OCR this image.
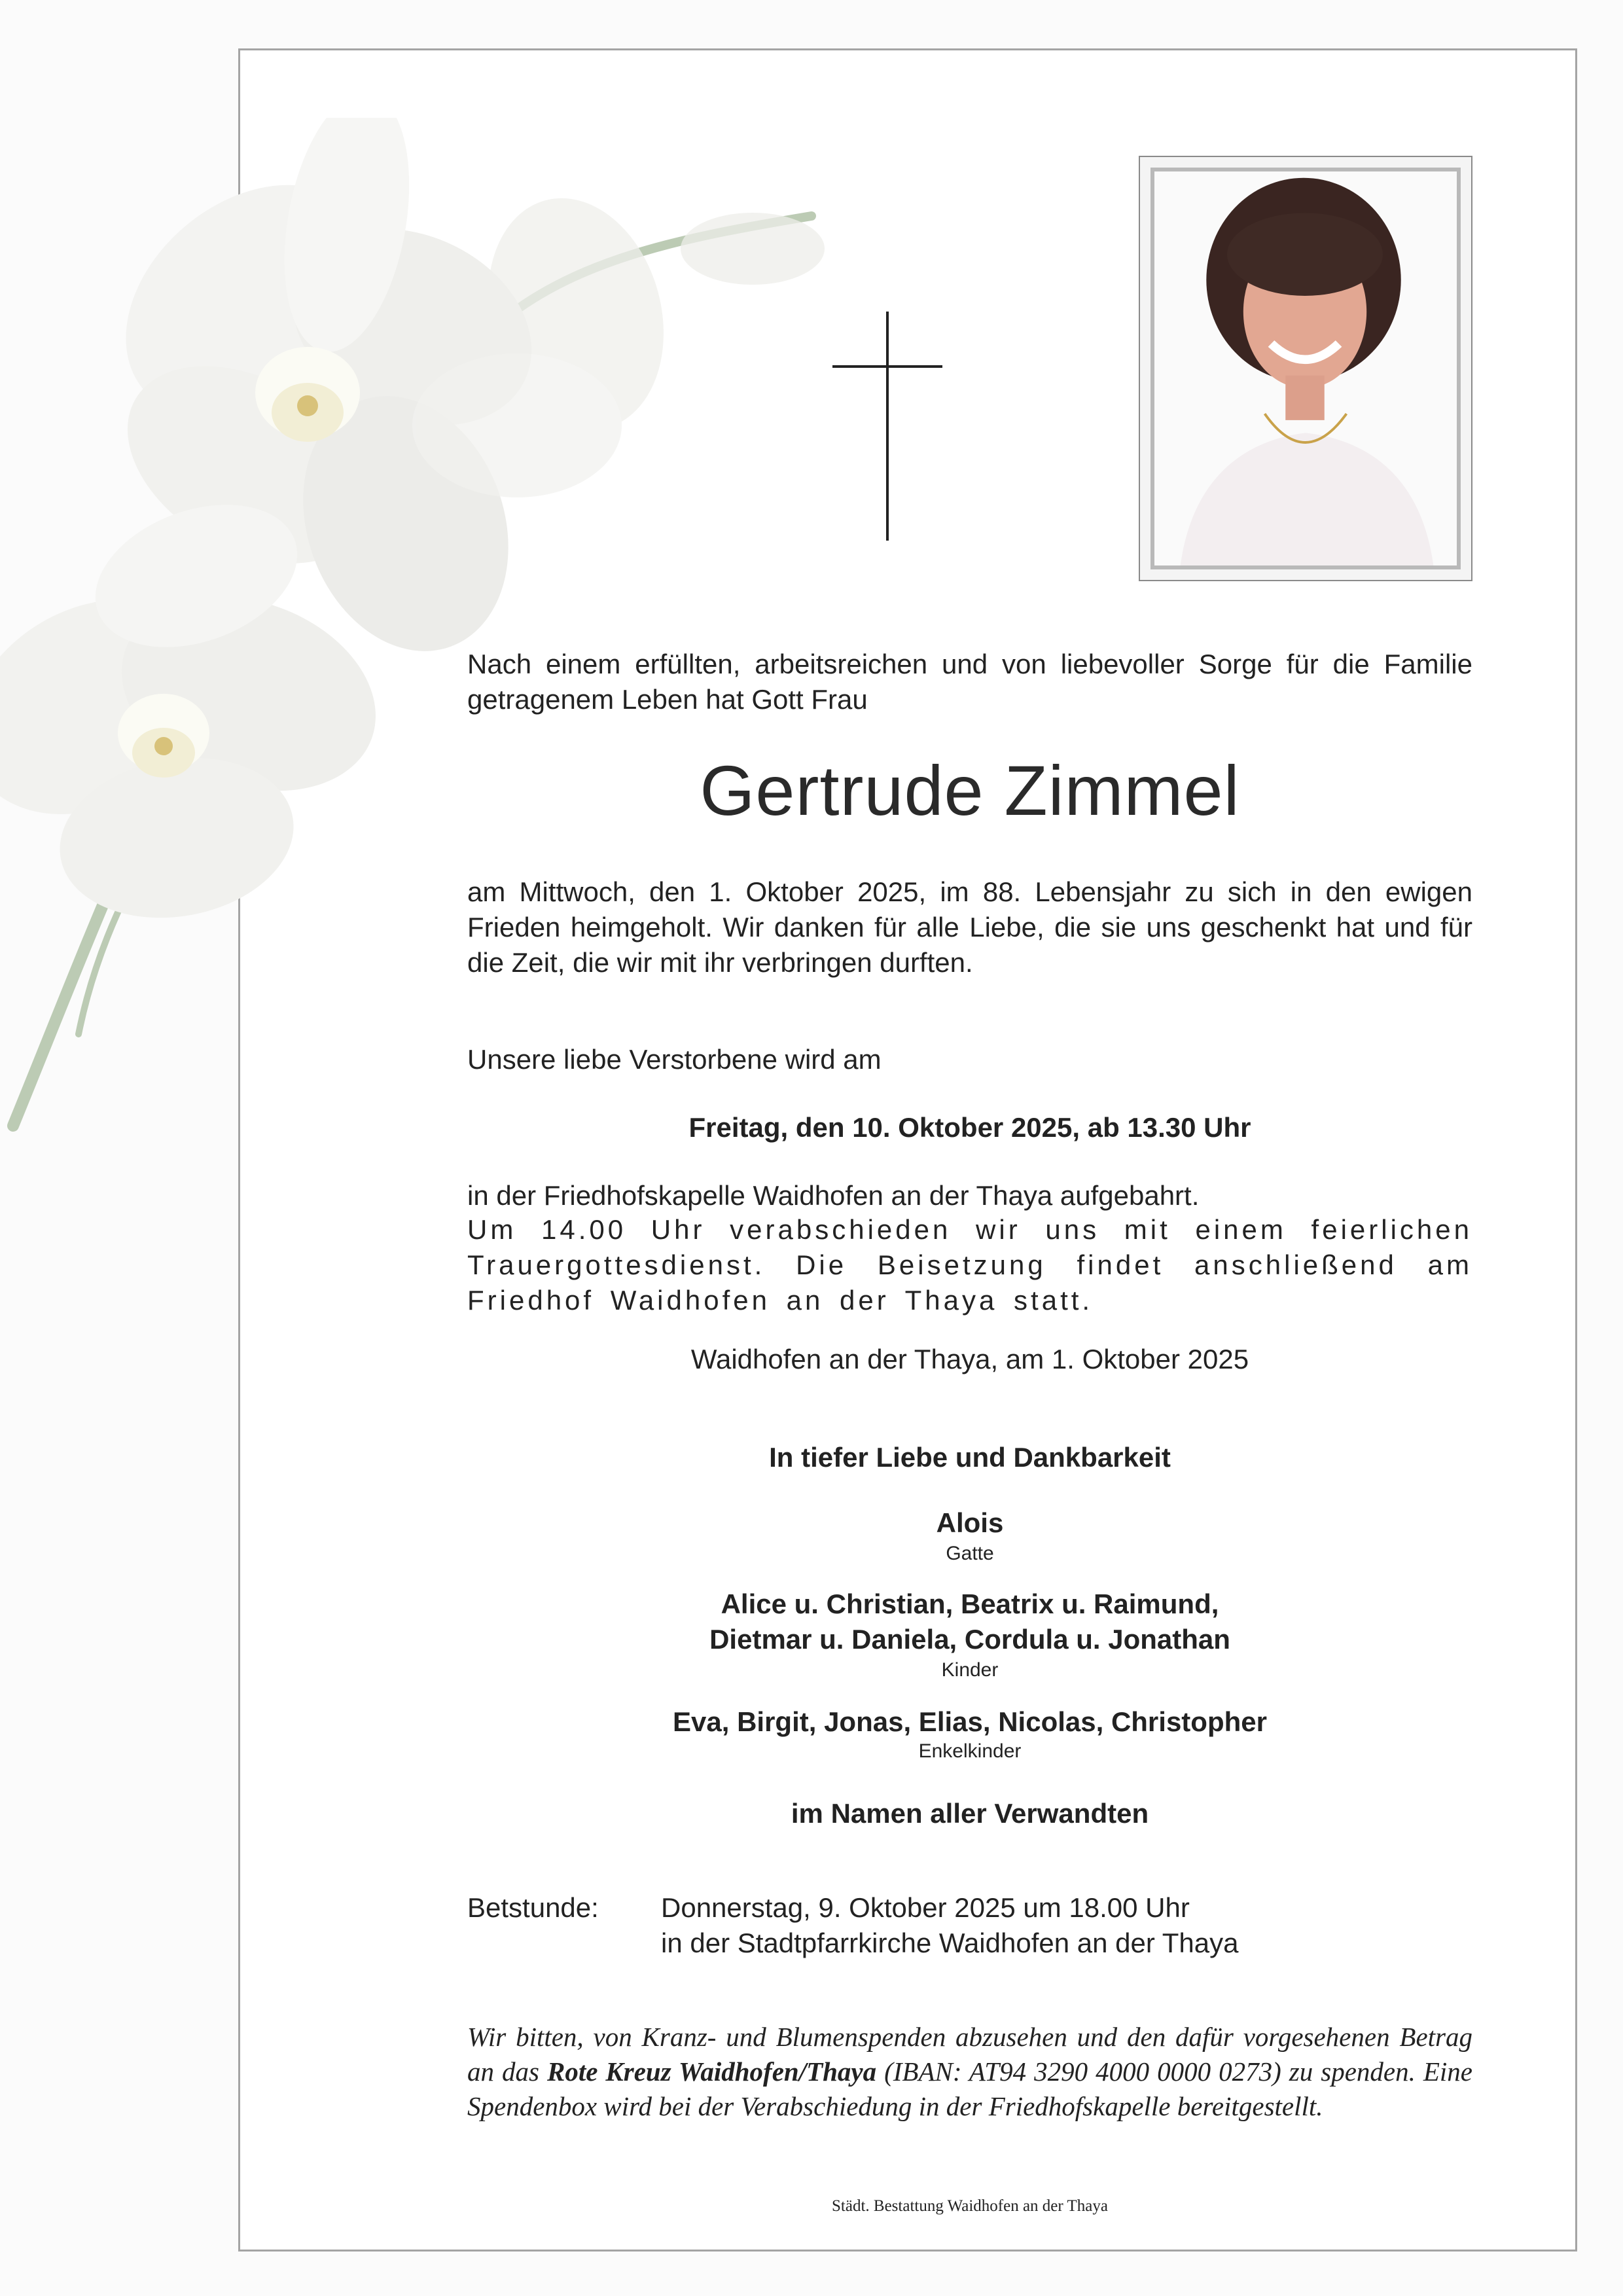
Nach einem erfüllten, arbeitsreichen und von liebevoller Sorge für die Familie getragenem Leben hat Gott Frau
Gertrude Zimmel
am Mittwoch, den 1. Oktober 2025, im 88. Lebensjahr zu sich in den ewigen Frieden heimgeholt. Wir danken für alle Liebe, die sie uns geschenkt hat und für die Zeit, die wir mit ihr verbringen durften.
Unsere liebe Verstorbene wird am
Freitag, den 10. Oktober 2025, ab 13.30 Uhr
in der Friedhofskapelle Waidhofen an der Thaya aufgebahrt.
Um 14.00 Uhr verabschieden wir uns mit einem feierlichen Trauergottesdienst. Die Beisetzung findet anschließend am Friedhof Waidhofen an der Thaya statt.
Waidhofen an der Thaya, am 1. Oktober 2025
In tiefer Liebe und Dankbarkeit
Alois
Gatte
Alice u. Christian, Beatrix u. Raimund,
Dietmar u. Daniela, Cordula u. Jonathan
Kinder
Eva, Birgit, Jonas, Elias, Nicolas, Christopher
Enkelkinder
im Namen aller Verwandten
Betstunde: Donnerstag, 9. Oktober 2025 um 18.00 Uhr

in der Stadtpfarrkirche Waidhofen an der Thaya

Wir bitten, von Kranz- und Blumenspenden abzusehen und den dafür vorgesehenen Betrag an das Rote Kreuz Waidhofen/Thaya (IBAN: AT94 3290 4000 0000 0273) zu spenden. Eine Spendenbox wird bei der Verabschiedung in der Friedhofskapelle bereitgestellt.
Städt. Bestattung Waidhofen an der Thaya
